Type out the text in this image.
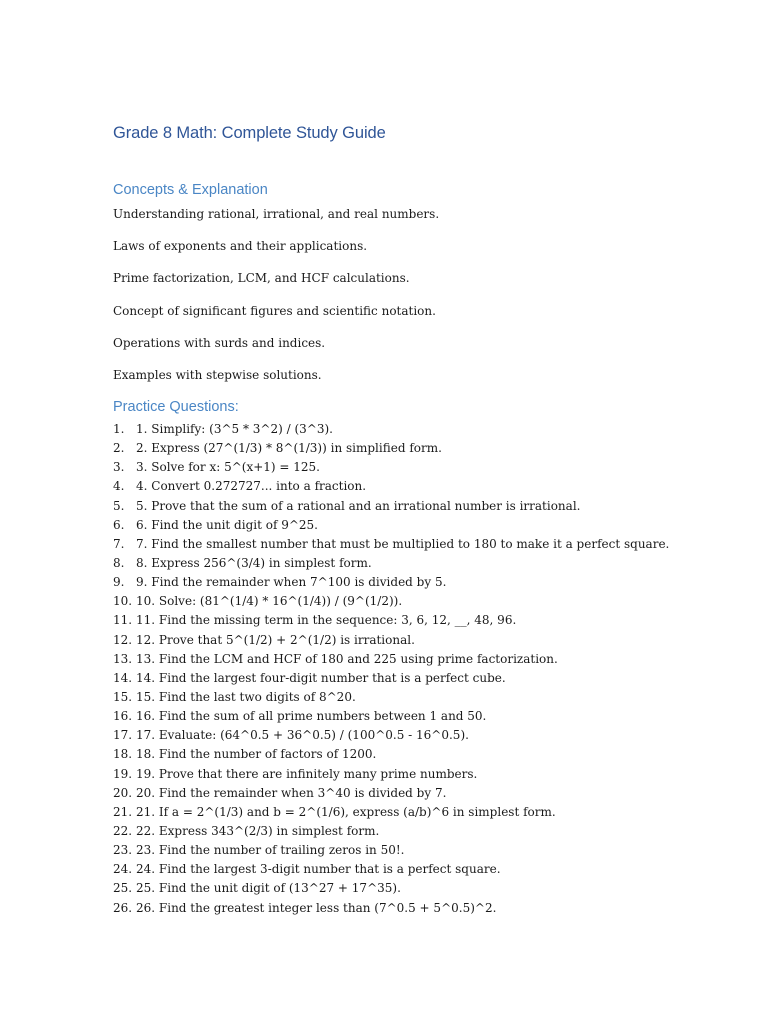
Grade 8 Math: Complete Study Guide
Concepts & Explanation
Understanding rational, irrational, and real numbers.
Laws of exponents and their applications.
Prime factorization, LCM, and HCF calculations.
Concept of significant figures and scientific notation.
Operations with surds and indices.
Examples with stepwise solutions.
Practice Questions:
1. 1. Simplify: (3^5 * 3^2) / (3^3).
2. 2. Express (27^(1/3) * 8^(1/3)) in simplified form.
3. 3. Solve for x: 5^(x+1) = 125.
4. 4. Convert 0.272727... into a fraction.
5. 5. Prove that the sum of a rational and an irrational number is irrational.
6. 6. Find the unit digit of 9^25.
7. 7. Find the smallest number that must be multiplied to 180 to make it a perfect square.
8. 8. Express 256^(3/4) in simplest form.
9. 9. Find the remainder when 7^100 is divided by 5.
10. 10. Solve: (81^(1/4) * 16^(1/4)) / (9^(1/2)).
11. 11. Find the missing term in the sequence: 3, 6, 12, __, 48, 96.
12. 12. Prove that 5^(1/2) + 2^(1/2) is irrational.
13. 13. Find the LCM and HCF of 180 and 225 using prime factorization.
14. 14. Find the largest four-digit number that is a perfect cube.
15. 15. Find the last two digits of 8^20.
16. 16. Find the sum of all prime numbers between 1 and 50.
17. 17. Evaluate: (64^0.5 + 36^0.5) / (100^0.5 - 16^0.5).
18. 18. Find the number of factors of 1200.
19. 19. Prove that there are infinitely many prime numbers.
20. 20. Find the remainder when 3^40 is divided by 7.
21. 21. If a = 2^(1/3) and b = 2^(1/6), express (a/b)^6 in simplest form.
22. 22. Express 343^(2/3) in simplest form.
23. 23. Find the number of trailing zeros in 50!.
24. 24. Find the largest 3-digit number that is a perfect square.
25. 25. Find the unit digit of (13^27 + 17^35).
26. 26. Find the greatest integer less than (7^0.5 + 5^0.5)^2.
